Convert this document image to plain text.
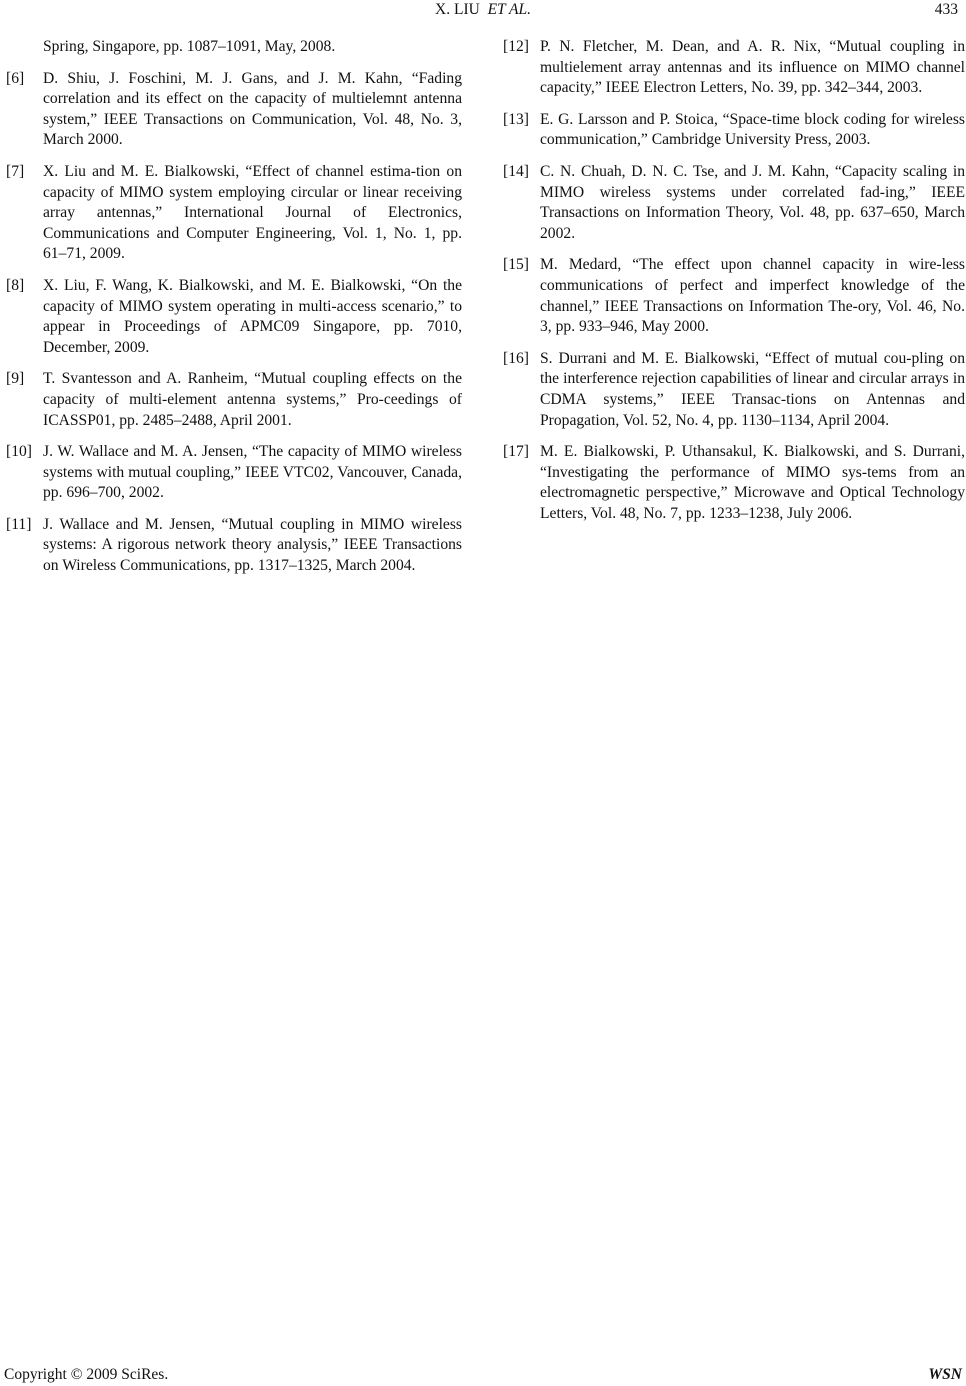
X. LIU ET AL.	433
Spring, Singapore, pp. 1087–1091, May, 2008.
[6] D. Shiu, J. Foschini, M. J. Gans, and J. M. Kahn, “Fading correlation and its effect on the capacity of multielemnt antenna system,” IEEE Transactions on Communication, Vol. 48, No. 3, March 2000.
[7] X. Liu and M. E. Bialkowski, “Effect of channel estima-tion on capacity of MIMO system employing circular or linear receiving array antennas,” International Journal of Electronics, Communications and Computer Engineering, Vol. 1, No. 1, pp. 61–71, 2009.
[8] X. Liu, F. Wang, K. Bialkowski, and M. E. Bialkowski, “On the capacity of MIMO system operating in multi-access scenario,” to appear in Proceedings of APMC09 Singapore, pp. 7010, December, 2009.
[9] T. Svantesson and A. Ranheim, “Mutual coupling effects on the capacity of multi-element antenna systems,” Pro-ceedings of ICASSP01, pp. 2485–2488, April 2001.
[10] J. W. Wallace and M. A. Jensen, “The capacity of MIMO wireless systems with mutual coupling,” IEEE VTC02, Vancouver, Canada, pp. 696–700, 2002.
[11] J. Wallace and M. Jensen, “Mutual coupling in MIMO wireless systems: A rigorous network theory analysis,” IEEE Transactions on Wireless Communications, pp. 1317–1325, March 2004.
[12] P. N. Fletcher, M. Dean, and A. R. Nix, “Mutual coupling in multielement array antennas and its influence on MIMO channel capacity,” IEEE Electron Letters, No. 39, pp. 342–344, 2003.
[13] E. G. Larsson and P. Stoica, “Space-time block coding for wireless communication,” Cambridge University Press, 2003.
[14] C. N. Chuah, D. N. C. Tse, and J. M. Kahn, “Capacity scaling in MIMO wireless systems under correlated fad-ing,” IEEE Transactions on Information Theory, Vol. 48, pp. 637–650, March 2002.
[15] M. Medard, “The effect upon channel capacity in wire-less communications of perfect and imperfect knowledge of the channel,” IEEE Transactions on Information The-ory, Vol. 46, No. 3, pp. 933–946, May 2000.
[16] S. Durrani and M. E. Bialkowski, “Effect of mutual cou-pling on the interference rejection capabilities of linear and circular arrays in CDMA systems,” IEEE Transac-tions on Antennas and Propagation, Vol. 52, No. 4, pp. 1130–1134, April 2004.
[17] M. E. Bialkowski, P. Uthansakul, K. Bialkowski, and S. Durrani, “Investigating the performance of MIMO sys-tems from an electromagnetic perspective,” Microwave and Optical Technology Letters, Vol. 48, No. 7, pp. 1233–1238, July 2006.
Copyright © 2009 SciRes.	WSN
